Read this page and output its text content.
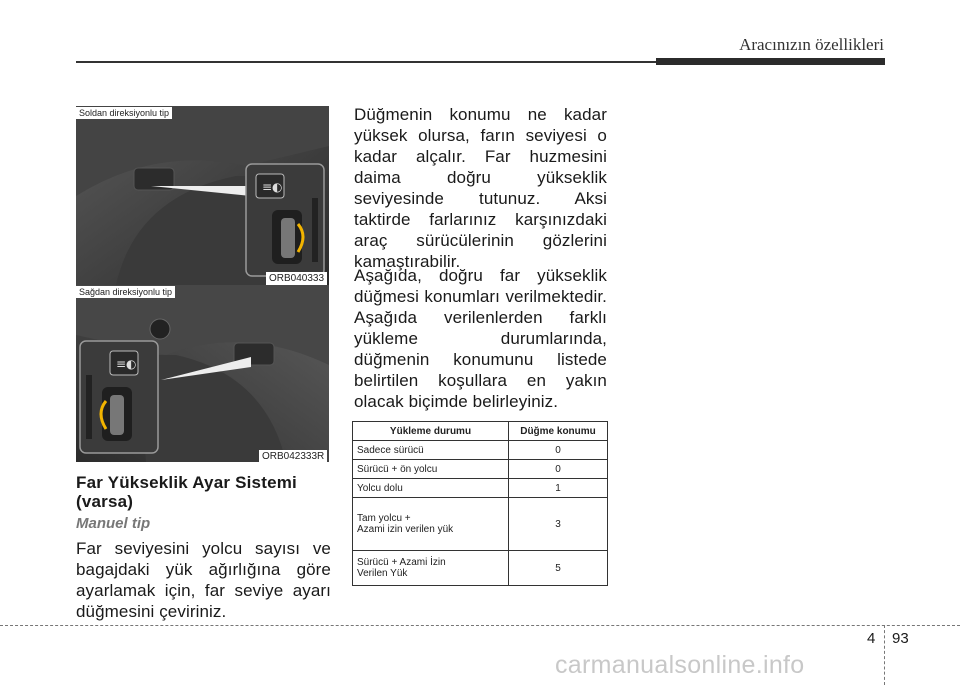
Aracınızın özellikleri
≡◐
Soldan direksiyonlu tip
ORB040333
≡◐
Sağdan direksiyonlu tip
ORB042333R
Far Yükseklik Ayar Sistemi (varsa)
Manuel tip
Far seviyesini yolcu sayısı ve bagajdaki yük ağırlığına göre ayarlamak için, far seviye ayarı düğmesini çeviriniz.
Düğmenin konumu ne kadar yüksek olursa, farın seviyesi o kadar alçalır. Far huzmesini daima doğru yükseklik seviyesinde tutunuz. Aksi taktirde farlarınız karşınızdaki araç sürücülerinin gözlerini kamaştırabilir.
Aşağıda, doğru far yükseklik düğmesi konumları verilmektedir. Aşağıda verilenlerden farklı yükleme durumlarında, düğmenin konumunu listede belirtilen koşullara en yakın olacak biçimde belirleyiniz.
Yükleme durumu	Düğme konumu
Sadece sürücü	0
Sürücü + ön yolcu	0
Yolcu dolu	1
Tam yolcu +
Azami izin verilen yük	3
Sürücü + Azami İzin
Verilen Yük	5
4 93
carmanualsonline.info
